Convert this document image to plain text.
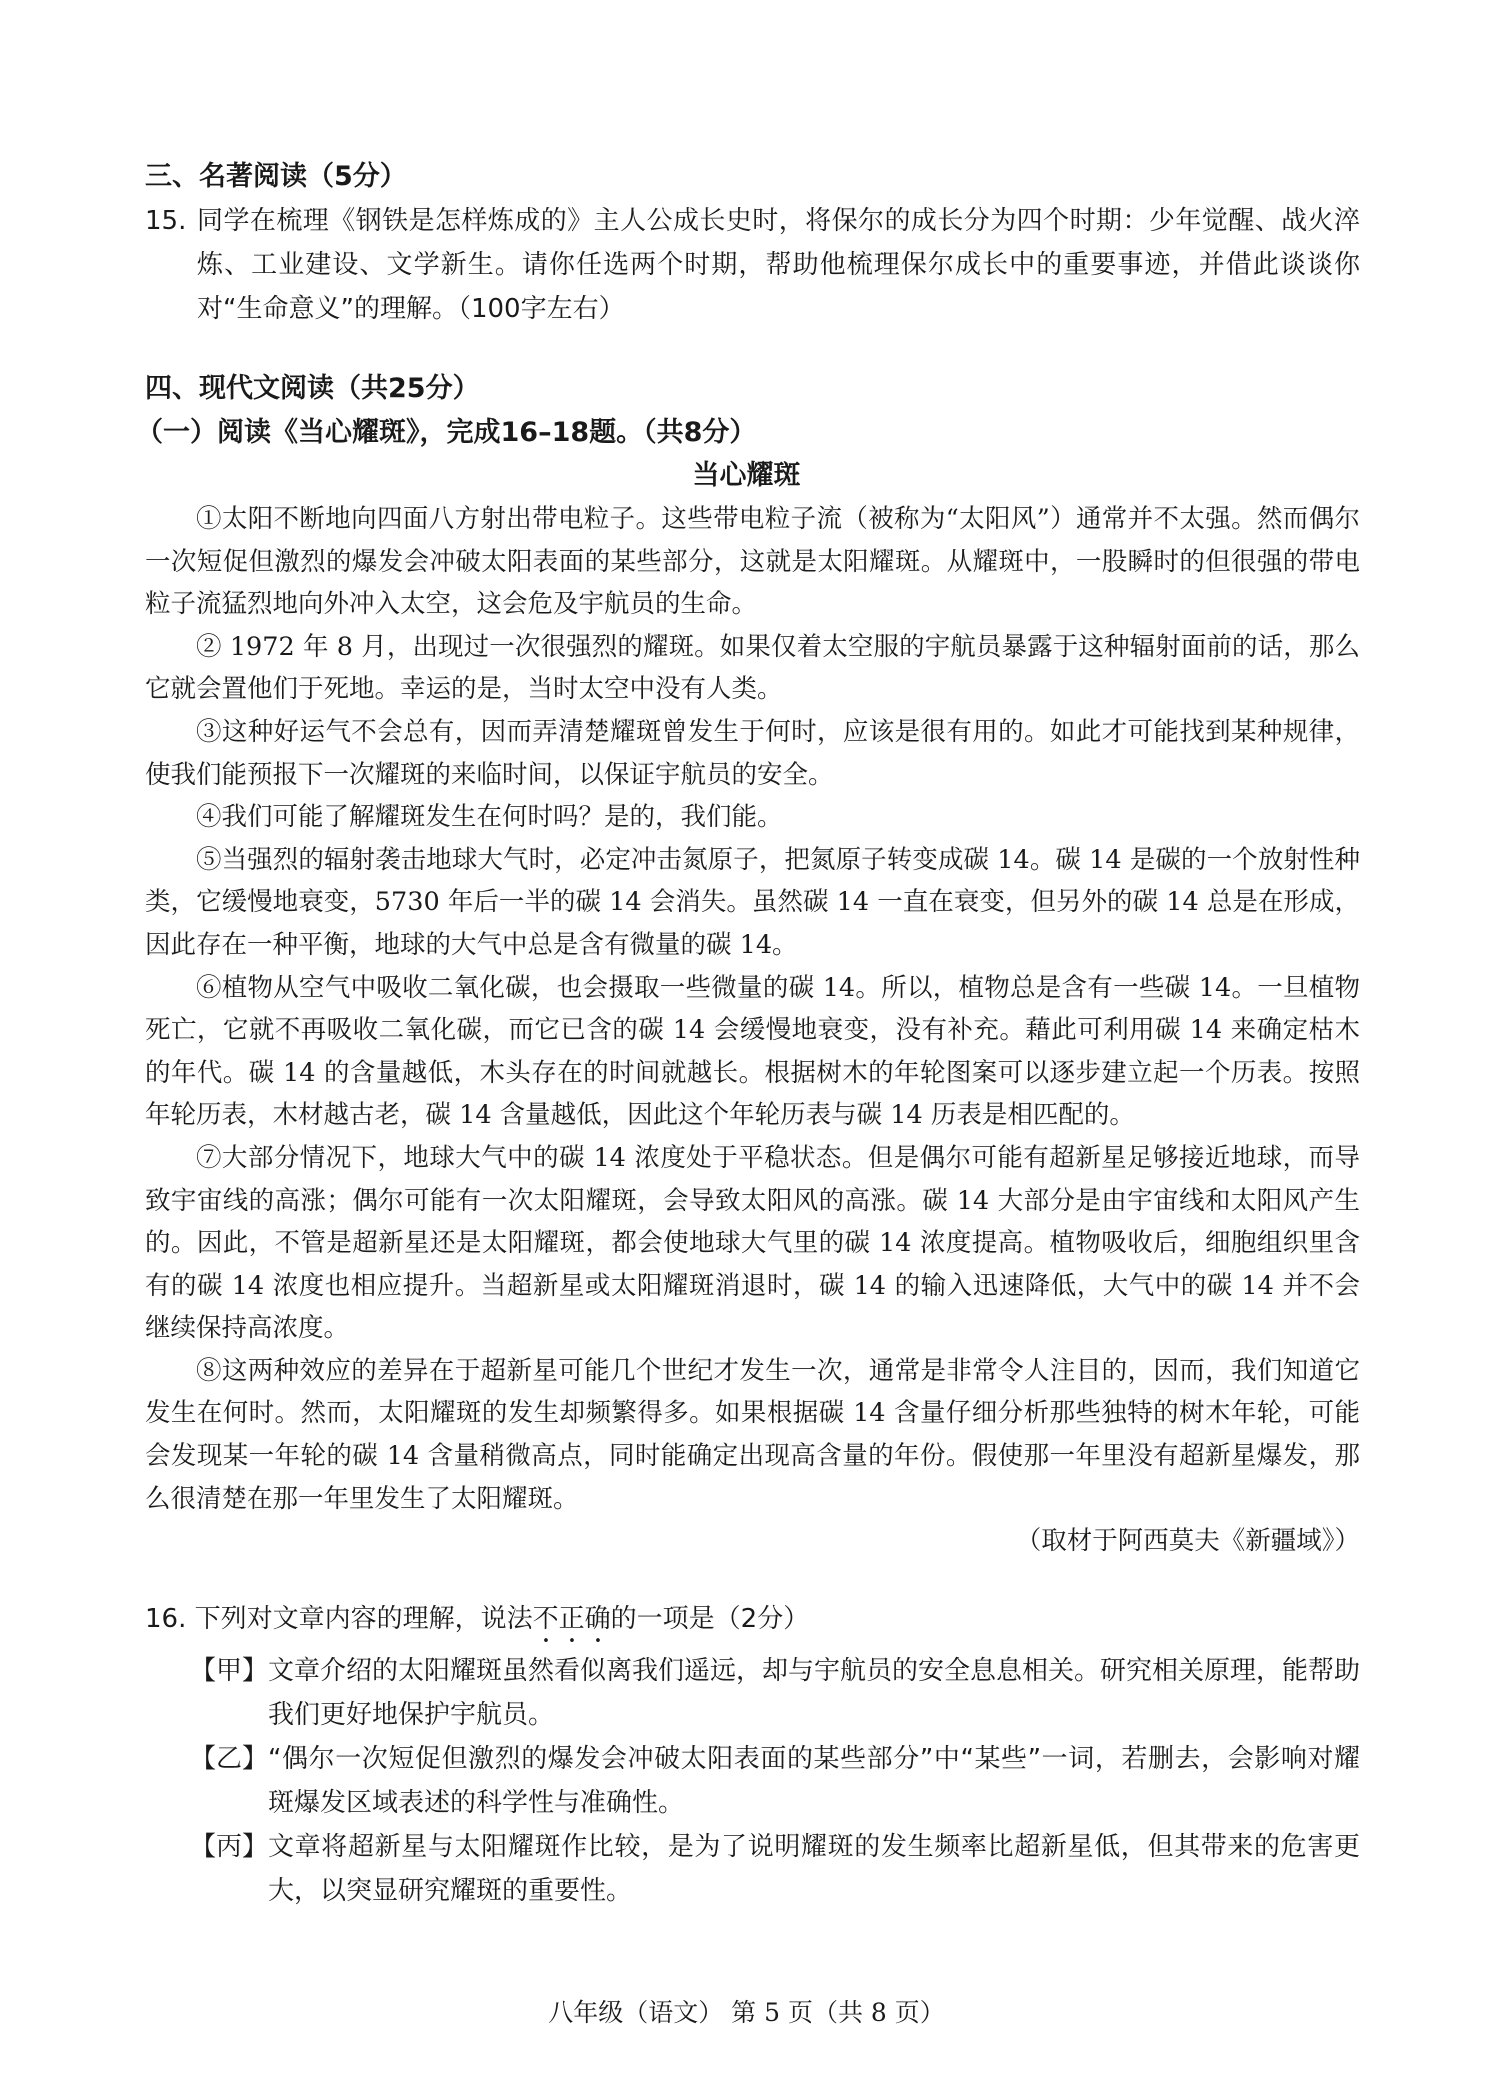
三、名著阅读（5分）
15. 同学在梳理《钢铁是怎样炼成的》主人公成长史时，将保尔的成长分为四个时期：少年觉醒、战火淬炼、工业建设、文学新生。请你任选两个时期，帮助他梳理保尔成长中的重要事迹，并借此谈谈你对“生命意义”的理解。（100字左右）
四、现代文阅读（共25分）
（一）阅读《当心耀斑》，完成16–18题。（共8分）
当心耀斑

①太阳不断地向四面八方射出带电粒子。这些带电粒子流（被称为“太阳风”）通常并不太强。然而偶尔一次短促但激烈的爆发会冲破太阳表面的某些部分，这就是太阳耀斑。从耀斑中，一股瞬时的但很强的带电粒子流猛烈地向外冲入太空，这会危及宇航员的生命。

② 1972 年 8 月，出现过一次很强烈的耀斑。如果仅着太空服的宇航员暴露于这种辐射面前的话，那么它就会置他们于死地。幸运的是，当时太空中没有人类。

③这种好运气不会总有，因而弄清楚耀斑曾发生于何时，应该是很有用的。如此才可能找到某种规律，使我们能预报下一次耀斑的来临时间，以保证宇航员的安全。

④我们可能了解耀斑发生在何时吗？是的，我们能。

⑤当强烈的辐射袭击地球大气时，必定冲击氮原子，把氮原子转变成碳 14。碳 14 是碳的一个放射性种类，它缓慢地衰变，5730 年后一半的碳 14 会消失。虽然碳 14 一直在衰变，但另外的碳 14 总是在形成，因此存在一种平衡，地球的大气中总是含有微量的碳 14。

⑥植物从空气中吸收二氧化碳，也会摄取一些微量的碳 14。所以，植物总是含有一些碳 14。一旦植物死亡，它就不再吸收二氧化碳，而它已含的碳 14 会缓慢地衰变，没有补充。藉此可利用碳 14 来确定枯木的年代。碳 14 的含量越低，木头存在的时间就越长。根据树木的年轮图案可以逐步建立起一个历表。按照年轮历表，木材越古老，碳 14 含量越低，因此这个年轮历表与碳 14 历表是相匹配的。

⑦大部分情况下，地球大气中的碳 14 浓度处于平稳状态。但是偶尔可能有超新星足够接近地球，而导致宇宙线的高涨；偶尔可能有一次太阳耀斑，会导致太阳风的高涨。碳 14 大部分是由宇宙线和太阳风产生的。因此，不管是超新星还是太阳耀斑，都会使地球大气里的碳 14 浓度提高。植物吸收后，细胞组织里含有的碳 14 浓度也相应提升。当超新星或太阳耀斑消退时，碳 14 的输入迅速降低，大气中的碳 14 并不会继续保持高浓度。

⑧这两种效应的差异在于超新星可能几个世纪才发生一次，通常是非常令人注目的，因而，我们知道它发生在何时。然而，太阳耀斑的发生却频繁得多。如果根据碳 14 含量仔细分析那些独特的树木年轮，可能会发现某一年轮的碳 14 含量稍微高点，同时能确定出现高含量的年份。假使那一年里没有超新星爆发，那么很清楚在那一年里发生了太阳耀斑。

（取材于阿西莫夫《新疆域》）

16. 下列对文章内容的理解，说法不正确的一项是（2分）
【甲】 文章介绍的太阳耀斑虽然看似离我们遥远，却与宇航员的安全息息相关。研究相关原理，能帮助我们更好地保护宇航员。
【乙】 “偶尔一次短促但激烈的爆发会冲破太阳表面的某些部分”中“某些”一词，若删去，会影响对耀斑爆发区域表述的科学性与准确性。
【丙】 文章将超新星与太阳耀斑作比较，是为了说明耀斑的发生频率比超新星低，但其带来的危害更大，以突显研究耀斑的重要性。
八年级（语文） 第 5 页（共 8 页）
